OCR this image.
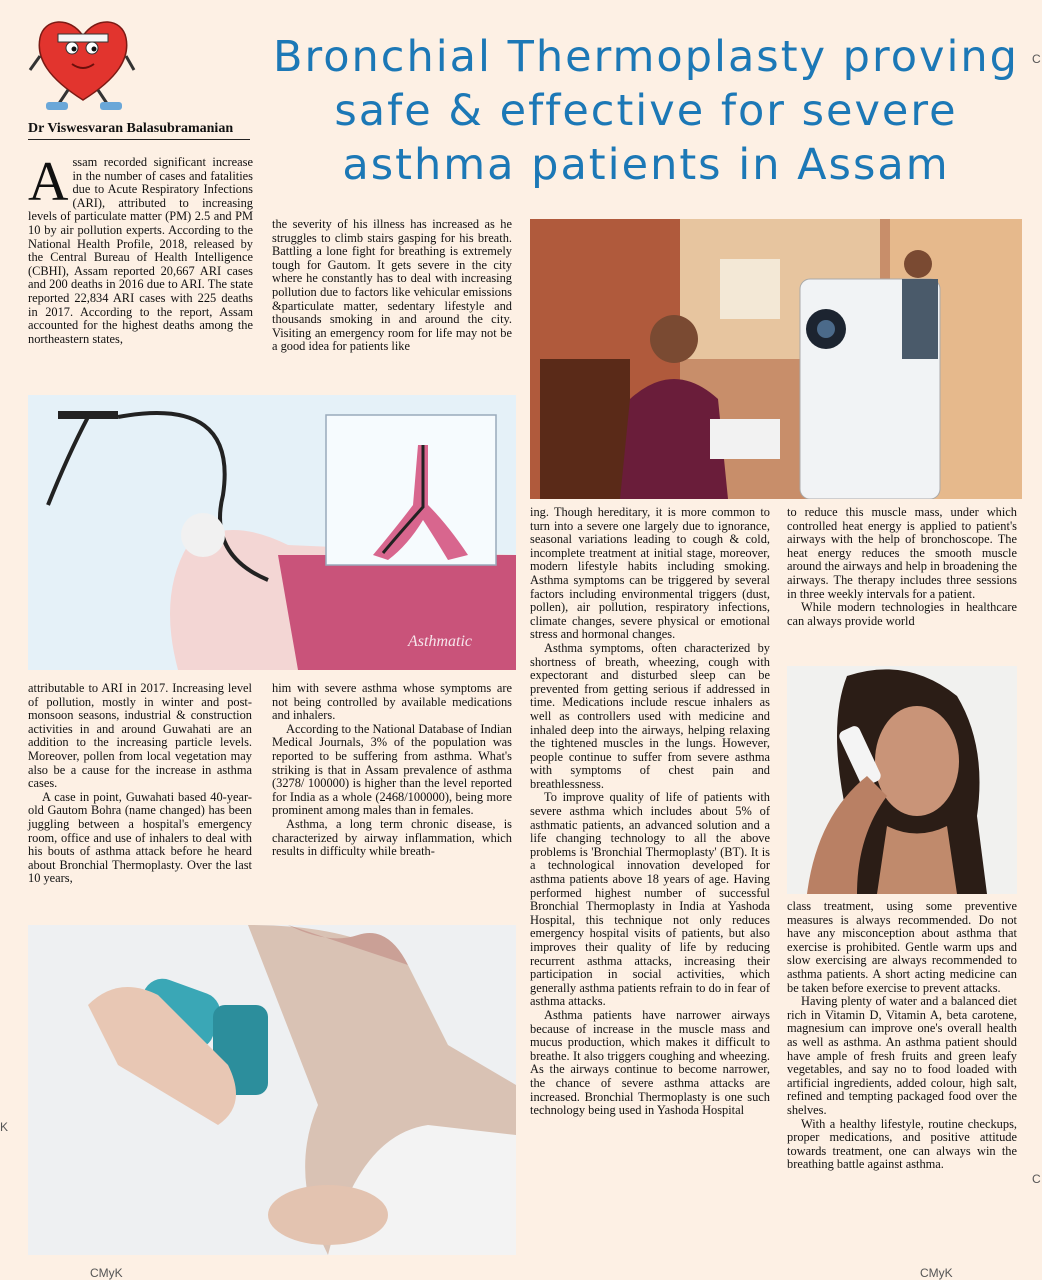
Dr Viswesvaran Balasubramanian
Bronchial Thermoplasty proving safe & effective for severe asthma patients in Assam
A ssam recorded significant increase in the number of cases and fatalities due to Acute Respiratory Infections (ARI), attributed to increasing levels of particulate matter (PM) 2.5 and PM 10 by air pollution experts. According to the National Health Profile, 2018, released by the Central Bureau of Health Intelligence (CBHI), Assam reported 20,667 ARI cases and 200 deaths in 2016 due to ARI. The state reported 22,834 ARI cases with 225 deaths in 2017. According to the report, Assam accounted for the highest deaths among the northeastern states,

the severity of his illness has increased as he struggles to climb stairs gasping for his breath. Battling a lone fight for breathing is extremely tough for Gautom. It gets severe in the city where he constantly has to deal with increasing pollution due to factors like vehicular emissions &particulate matter, sedentary lifestyle and thousands smoking in and around the city. Visiting an emergency room for life may not be a good idea for patients like

Asthmatic

attributable to ARI in 2017. Increasing level of pollution, mostly in winter and post-monsoon seasons, industrial & construction activities in and around Guwahati are an addition to the increasing particle levels. Moreover, pollen from local vegetation may also be a cause for the increase in asthma cases.

A case in point, Guwahati based 40-year-old Gautom Bohra (name changed) has been juggling between a hospital's emergency room, office and use of inhalers to deal with his bouts of asthma attack before he heard about Bronchial Thermoplasty. Over the last 10 years,

him with severe asthma whose symptoms are not being controlled by available medications and inhalers.

According to the National Database of Indian Medical Journals, 3% of the population was reported to be suffering from asthma. What's striking is that in Assam prevalence of asthma (3278/ 100000) is higher than the level reported for India as a whole (2468/100000), being more prominent among males than in females.

Asthma, a long term chronic disease, is characterized by airway inflammation, which results in difficulty while breath-

ing. Though hereditary, it is more common to turn into a severe one largely due to ignorance, seasonal variations leading to cough & cold, incomplete treatment at initial stage, moreover, modern lifestyle habits including smoking. Asthma symptoms can be triggered by several factors including environmental triggers (dust, pollen), air pollution, respiratory infections, climate changes, severe physical or emotional stress and hormonal changes.

Asthma symptoms, often characterized by shortness of breath, wheezing, cough with expectorant and disturbed sleep can be prevented from getting serious if addressed in time. Medications include rescue inhalers as well as controllers used with medicine and inhaled deep into the airways, helping relaxing the tightened muscles in the lungs. However, people continue to suffer from severe asthma with symptoms of chest pain and breathlessness.

To improve quality of life of patients with severe asthma which includes about 5% of asthmatic patients, an advanced solution and a life changing technology to all the above problems is 'Bronchial Thermoplasty' (BT). It is a technological innovation developed for asthma patients above 18 years of age. Having performed highest number of successful Bronchial Thermoplasty in India at Yashoda Hospital, this technique not only reduces emergency hospital visits of patients, but also improves their quality of life by reducing recurrent asthma attacks, increasing their participation in social activities, which generally asthma patients refrain to do in fear of asthma attacks.

Asthma patients have narrower airways because of increase in the muscle mass and mucus production, which makes it difficult to breathe. It also triggers coughing and wheezing. As the airways continue to become narrower, the chance of severe asthma attacks are increased. Bronchial Thermoplasty is one such technology being used in Yashoda Hospital

to reduce this muscle mass, under which controlled heat energy is applied to patient's airways with the help of bronchoscope. The heat energy reduces the smooth muscle around the airways and help in broadening the airways. The therapy includes three sessions in three weekly intervals for a patient.

While modern technologies in healthcare can always provide world

class treatment, using some preventive measures is always recommended. Do not have any misconception about asthma that exercise is prohibited. Gentle warm ups and slow exercising are always recommended to asthma patients. A short acting medicine can be taken before exercise to prevent attacks.

Having plenty of water and a balanced diet rich in Vitamin D, Vitamin A, beta carotene, magnesium can improve one's overall health as well as asthma. An asthma patient should have ample of fresh fruits and green leafy vegetables, and say no to food loaded with artificial ingredients, added colour, high salt, refined and tempting packaged food over the shelves.

With a healthy lifestyle, routine checkups, proper medications, and positive attitude towards treatment, one can always win the breathing battle against asthma.

CMyK	CMyK
K
C
C
